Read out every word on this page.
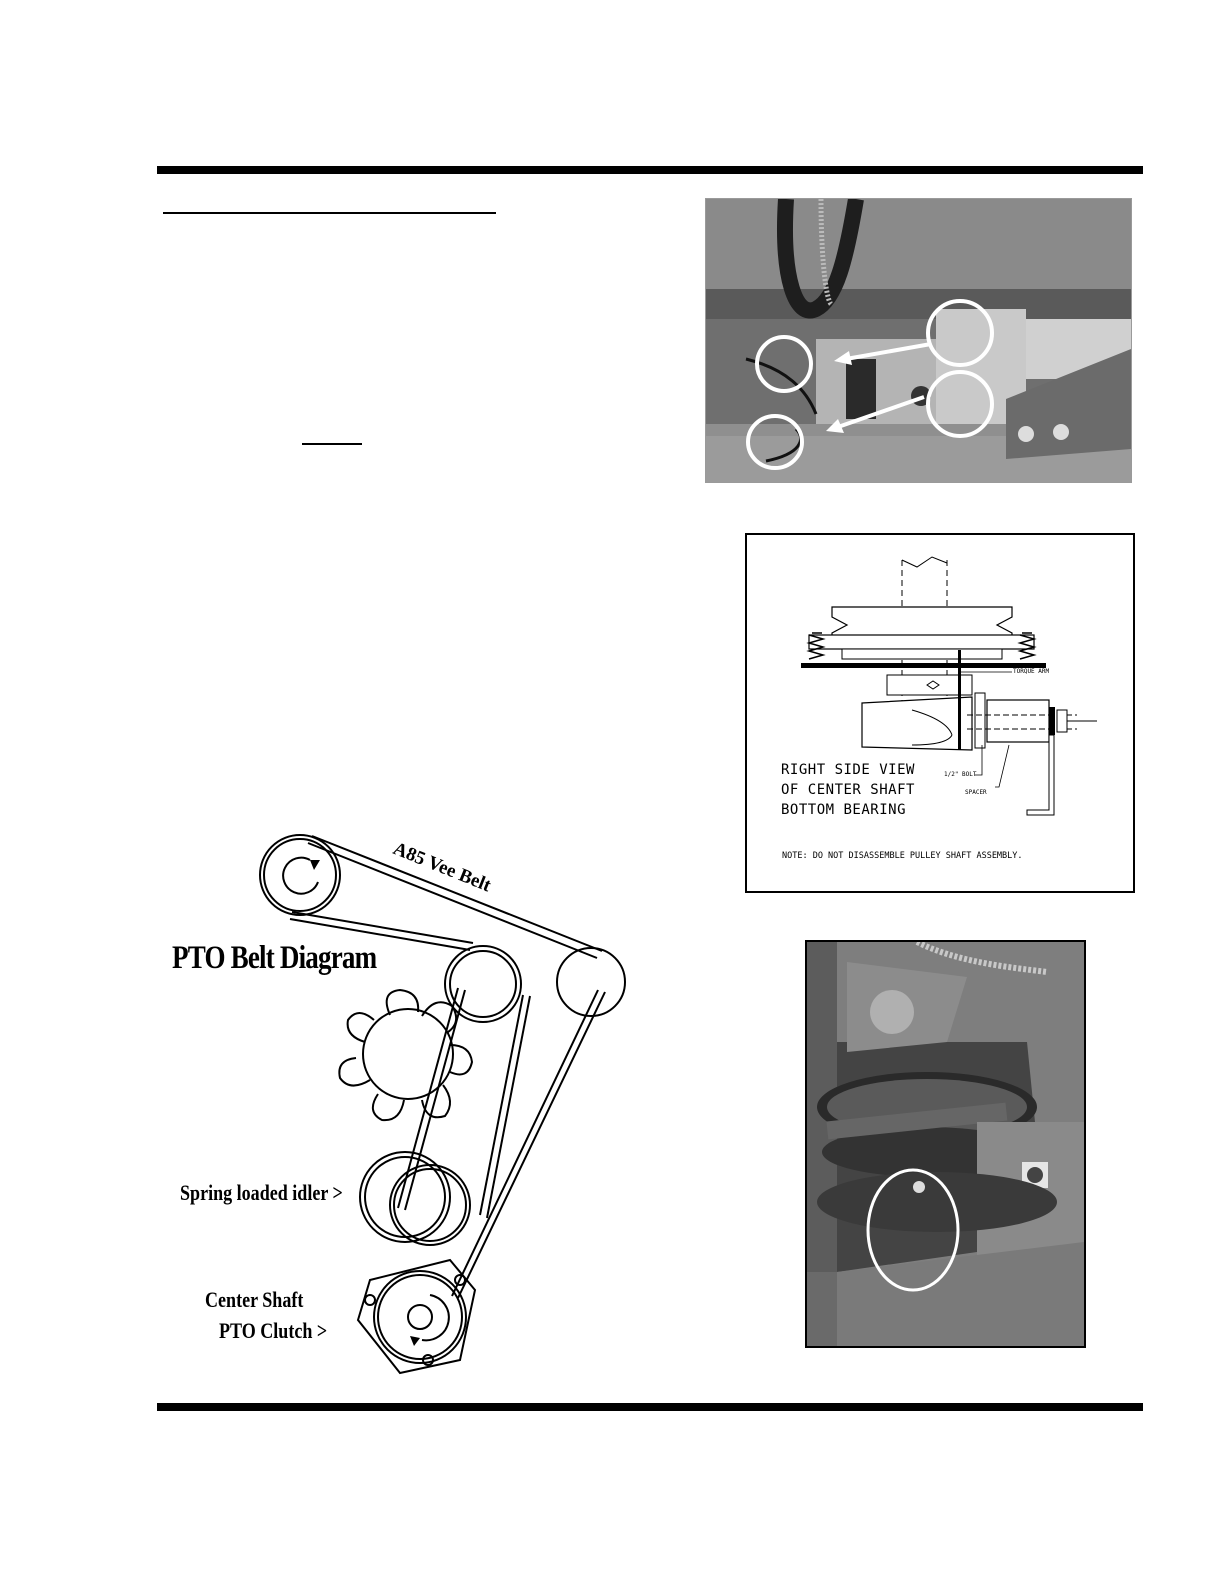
TORQUE ARM
1/2" BOLT
SPACER
RIGHT SIDE VIEW
OF CENTER SHAFT
BOTTOM BEARING
NOTE: DO NOT DISASSEMBLE PULLEY SHAFT ASSEMBLY.
A85 Vee Belt
PTO Belt Diagram
Spring loaded idler >
Center Shaft
PTO Clutch >
